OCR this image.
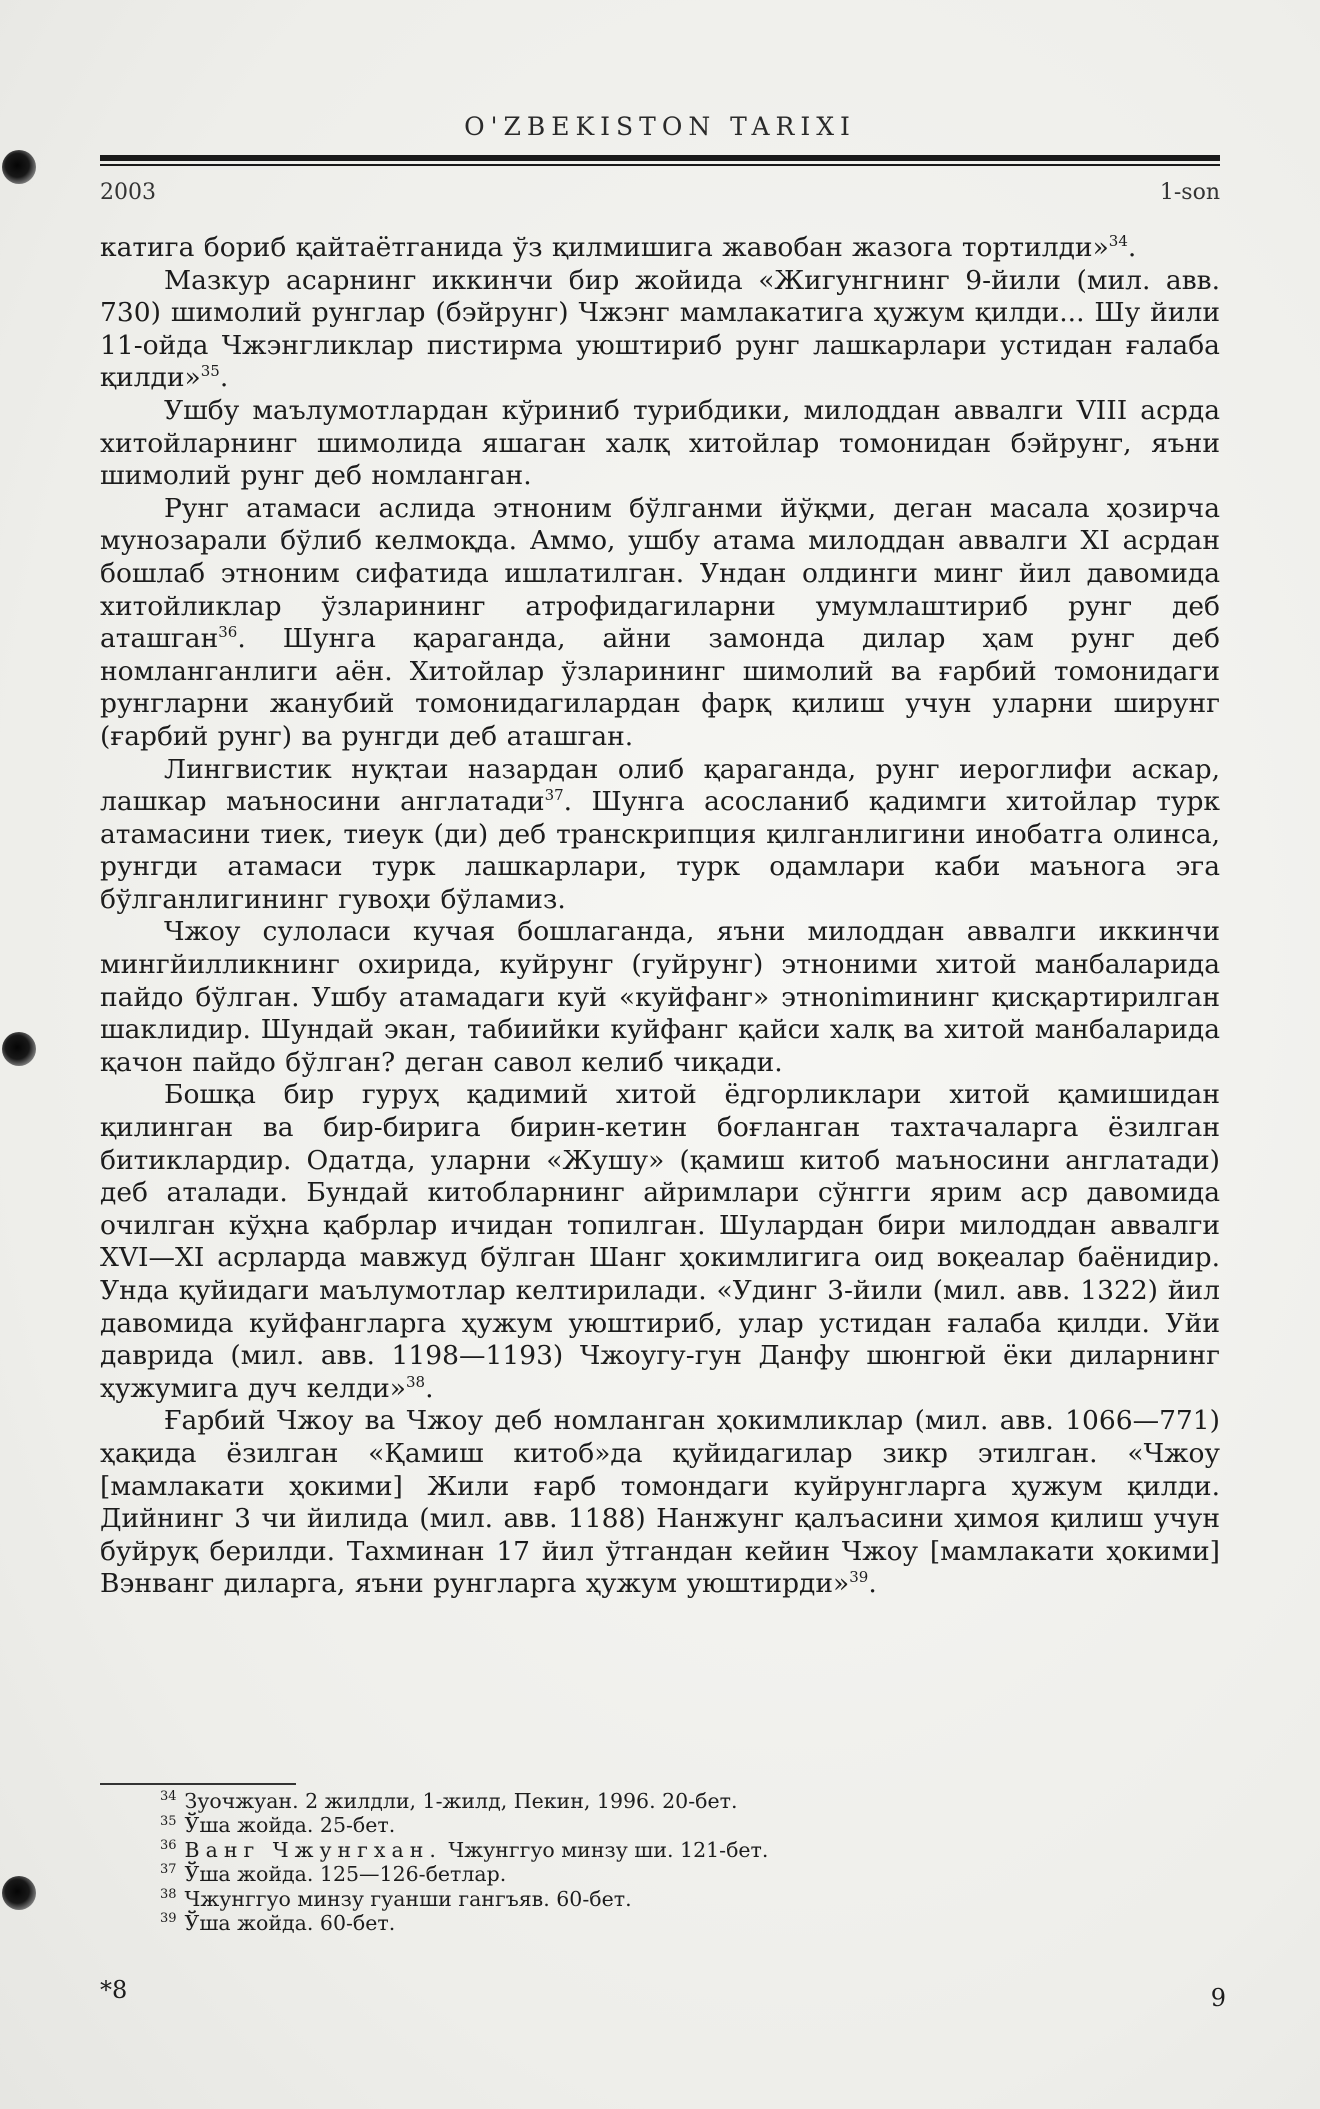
O'ZBEKISTON TARIXI
2003	1-son

катига бориб қайтаётганида ўз қилмишига жавобан жазога тортилди»$^{34}$.

Мазкур асарнинг иккинчи бир жойида «Жигунгнинг 9-йили (мил. авв. 730) шимолий рунглар (бэйрунг) Чжэнг мамлакатига ҳужум қилди... Шу йили 11-ойда Чжэнгликлар пистирма уюштириб рунг лашкарлари устидан ғалаба қилди»$^{35}$.

Ушбу маълумотлардан кўриниб турибдики, милоддан аввалги VIII асрда хитойларнинг шимолида яшаган халқ хитойлар томонидан бэйрунг, яъни шимолий рунг деб номланган.

Рунг атамаси аслида этноним бўлганми йўқми, деган масала ҳозирча мунозарали бўлиб келмоқда. Аммо, ушбу атама милоддан аввалги XI асрдан бошлаб этноним сифатида ишлатилган. Ундан олдинги минг йил давомида хитойликлар ўзларининг атрофидагиларни умумлаштириб рунг деб аташган$^{36}$. Шунга қараганда, айни замонда дилар ҳам рунг деб номланганлиги аён. Хитойлар ўзларининг шимолий ва ғарбий томонидаги рунгларни жанубий томонидагилардан фарқ қилиш учун уларни ширунг (ғарбий рунг) ва рунгди деб аташган.

Лингвистик нуқтаи назардан олиб қараганда, рунг иероглифи аскар, лашкар маъносини англатади$^{37}$. Шунга асосланиб қадимги хитойлар турк атамасини тиек, тиеук (ди) деб транскрипция қилганлигини инобатга олинса, рунгди атамаси турк лашкарлари, турк одамлари каби маънога эга бўлганлигининг гувоҳи бўламиз.

Чжоу сулоласи кучая бошлаганда, яъни милоддан аввалги иккинчи мингйилликнинг охирида, куйрунг (гуйрунг) этноними хитой манбаларида пайдо бўлган. Ушбу атамадаги куй «куйфанг» этноnimининг қисқартирилган шаклидир. Шундай экан, табиийки куйфанг қайси халқ ва хитой манбаларида қачон пайдо бўлган? деган савол келиб чиқади.

Бошқа бир гуруҳ қадимий хитой ёдгорликлари хитой қамишидан қилинган ва бир-бирига бирин-кетин боғланган тахтачаларга ёзилган битиклардир. Одатда, уларни «Жушу» (қамиш китоб маъносини англатади) деб аталади. Бундай китобларнинг айримлари сўнгги ярим аср давомида очилган кўҳна қабрлар ичидан топилган. Шулардан бири милоддан аввалги XVI—XI асрларда мавжуд бўлган Шанг ҳокимлигига оид воқеалар баёнидир. Унда қуйидаги маълумотлар келтирилади. «Удинг 3-йили (мил. авв. 1322) йил давомида куйфангларга ҳужум уюштириб, улар устидан ғалаба қилди. Уйи даврида (мил. авв. 1198—1193) Чжоугу-гун Данфу шюнгюй ёки диларнинг ҳужумига дуч келди»$^{38}$.

Ғарбий Чжоу ва Чжоу деб номланган ҳокимликлар (мил. авв. 1066—771) ҳақида ёзилган «Қамиш китоб»да қуйидагилар зикр этилган. «Чжоу [мамлакати ҳокими] Жили ғарб томондаги куйрунгларга ҳужум қилди. Дийнинг 3 чи йилида (мил. авв. 1188) Нанжунг қалъасини ҳимоя қилиш учун буйруқ берилди. Тахминан 17 йил ўтгандан кейин Чжоу [мамлакати ҳокими] Вэнванг диларга, яъни рунгларга ҳужум уюштирди»$^{39}$.

$^{34}$ Зуочжуан. 2 жилдли, 1-жилд, Пекин, 1996. 20-бет.
$^{35}$ Ўша жойда. 25-бет.
$^{36}$ Ванг Чжунгхан. Чжунггуо минзу ши. 121-бет.
$^{37}$ Ўша жойда. 125—126-бетлар.
$^{38}$ Чжунггуо минзу гуанши гангъяв. 60-бет.
$^{39}$ Ўша жойда. 60-бет.
*8	9
